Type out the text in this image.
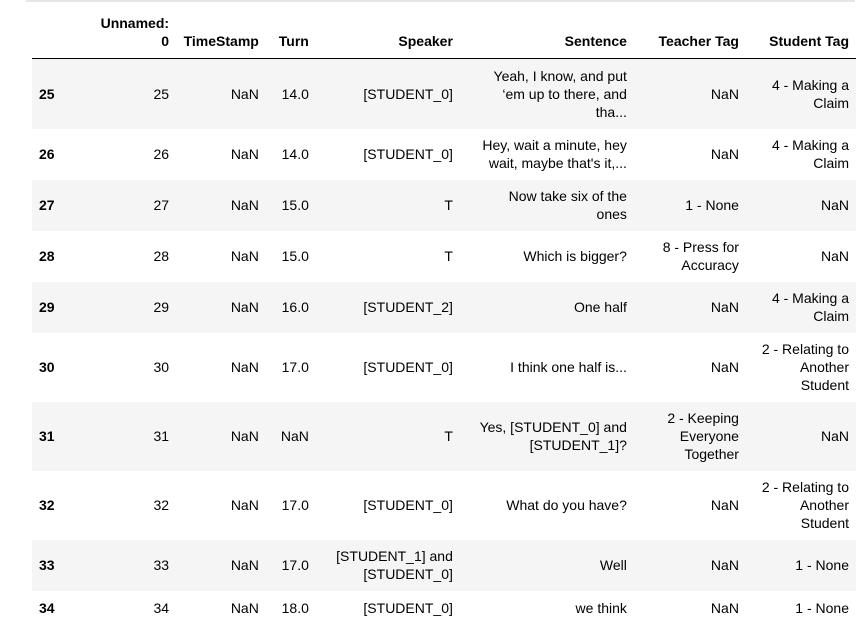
	Unnamed: 0	TimeStamp	Turn	Speaker	Sentence	Teacher Tag	Student Tag
25	25	NaN	14.0	[STUDENT_0]	Yeah, I know, and put ‘em up to there, and tha...	NaN	4 - Making a Claim
26	26	NaN	14.0	[STUDENT_0]	Hey, wait a minute, hey wait, maybe that's it,...	NaN	4 - Making a Claim
27	27	NaN	15.0	T	Now take six of the ones	1 - None	NaN
28	28	NaN	15.0	T	Which is bigger?	8 - Press for Accuracy	NaN
29	29	NaN	16.0	[STUDENT_2]	One half	NaN	4 - Making a Claim
30	30	NaN	17.0	[STUDENT_0]	I think one half is...	NaN	2 - Relating to Another Student
31	31	NaN	NaN	T	Yes, [STUDENT_0] and [STUDENT_1]?	2 - Keeping Everyone Together	NaN
32	32	NaN	17.0	[STUDENT_0]	What do you have?	NaN	2 - Relating to Another Student
33	33	NaN	17.0	[STUDENT_1] and [STUDENT_0]	Well	NaN	1 - None
34	34	NaN	18.0	[STUDENT_0]	we think	NaN	1 - None
